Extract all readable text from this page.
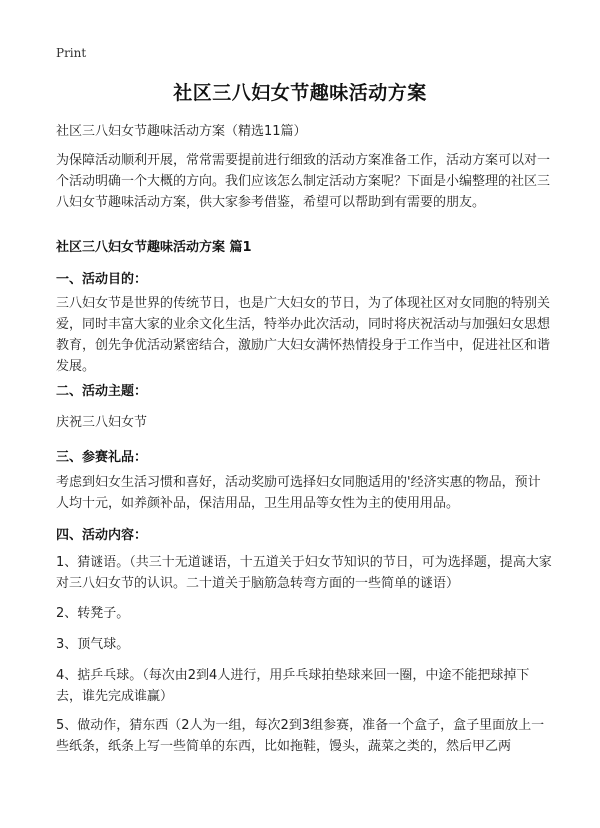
Print
社区三八妇女节趣味活动方案
社区三八妇女节趣味活动方案（精选11篇）
为保障活动顺利开展，常常需要提前进行细致的活动方案准备工作，活动方案可以对一个活动明确一个大概的方向。我们应该怎么制定活动方案呢？下面是小编整理的社区三八妇女节趣味活动方案，供大家参考借鉴，希望可以帮助到有需要的朋友。
社区三八妇女节趣味活动方案 篇1
一、活动目的：
三八妇女节是世界的传统节日，也是广大妇女的节日，为了体现社区对女同胞的特别关爱，同时丰富大家的业余文化生活，特举办此次活动，同时将庆祝活动与加强妇女思想教育，创先争优活动紧密结合，激励广大妇女满怀热情投身于工作当中，促进社区和谐发展。
二、活动主题：
庆祝三八妇女节
三、参赛礼品：
考虑到妇女生活习惯和喜好，活动奖励可选择妇女同胞适用的'经济实惠的物品，预计人均十元，如养颜补品，保洁用品，卫生用品等女性为主的使用用品。
四、活动内容：
1、猜谜语。（共三十无道谜语，十五道关于妇女节知识的节日，可为选择题，提高大家对三八妇女节的认识。二十道关于脑筋急转弯方面的一些简单的谜语）
2、转凳子。
3、顶气球。
4、掂乒乓球。（每次由2到4人进行，用乒乓球拍垫球来回一圈，中途不能把球掉下去，谁先完成谁赢）
5、做动作，猜东西（2人为一组，每次2到3组参赛，准备一个盒子，盒子里面放上一些纸条，纸条上写一些简单的东西，比如拖鞋，馒头，蔬菜之类的，然后甲乙两
